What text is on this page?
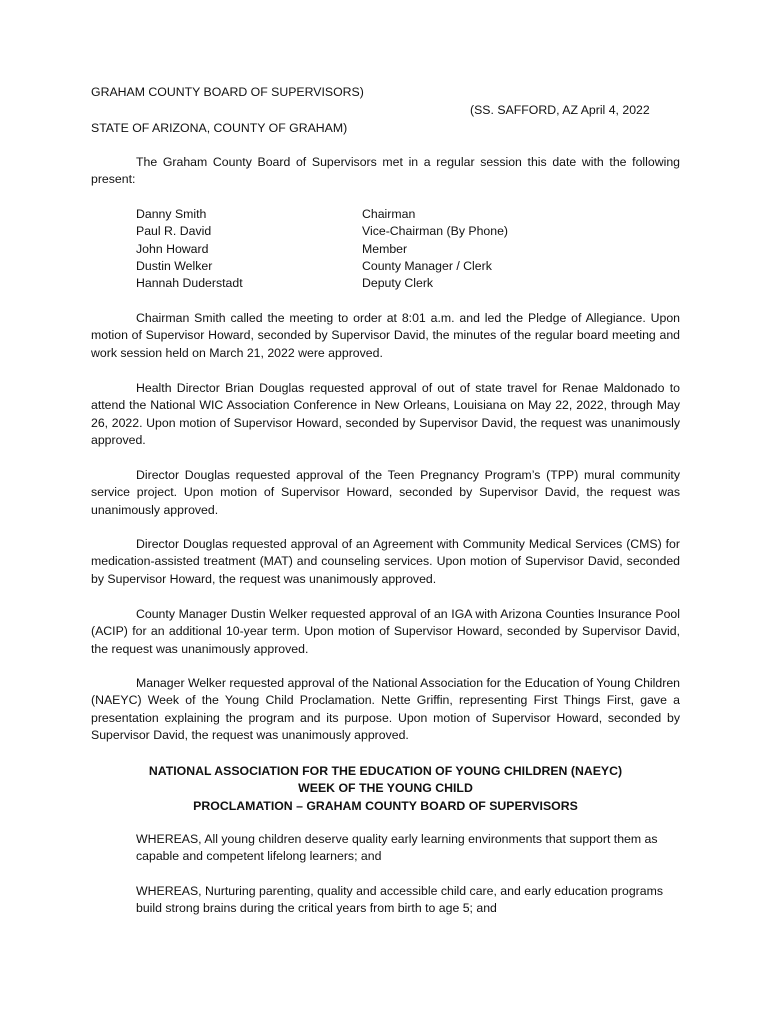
GRAHAM COUNTY BOARD OF SUPERVISORS)
(SS. SAFFORD, AZ April 4, 2022
STATE OF ARIZONA, COUNTY OF GRAHAM)
The Graham County Board of Supervisors met in a regular session this date with the following present:
Danny Smith	Chairman
Paul R. David	Vice-Chairman (By Phone)
John Howard	Member
Dustin Welker	County Manager / Clerk
Hannah Duderstadt	Deputy Clerk
Chairman Smith called the meeting to order at 8:01 a.m. and led the Pledge of Allegiance. Upon motion of Supervisor Howard, seconded by Supervisor David, the minutes of the regular board meeting and work session held on March 21, 2022 were approved.
Health Director Brian Douglas requested approval of out of state travel for Renae Maldonado to attend the National WIC Association Conference in New Orleans, Louisiana on May 22, 2022, through May 26, 2022. Upon motion of Supervisor Howard, seconded by Supervisor David, the request was unanimously approved.
Director Douglas requested approval of the Teen Pregnancy Program’s (TPP) mural community service project. Upon motion of Supervisor Howard, seconded by Supervisor David, the request was unanimously approved.
Director Douglas requested approval of an Agreement with Community Medical Services (CMS) for medication-assisted treatment (MAT) and counseling services. Upon motion of Supervisor David, seconded by Supervisor Howard, the request was unanimously approved.
County Manager Dustin Welker requested approval of an IGA with Arizona Counties Insurance Pool (ACIP) for an additional 10-year term. Upon motion of Supervisor Howard, seconded by Supervisor David, the request was unanimously approved.
Manager Welker requested approval of the National Association for the Education of Young Children (NAEYC) Week of the Young Child Proclamation. Nette Griffin, representing First Things First, gave a presentation explaining the program and its purpose. Upon motion of Supervisor Howard, seconded by Supervisor David, the request was unanimously approved.
NATIONAL ASSOCIATION FOR THE EDUCATION OF YOUNG CHILDREN (NAEYC)
WEEK OF THE YOUNG CHILD
PROCLAMATION – GRAHAM COUNTY BOARD OF SUPERVISORS
WHEREAS, All young children deserve quality early learning environments that support them as capable and competent lifelong learners; and
WHEREAS, Nurturing parenting, quality and accessible child care, and early education programs build strong brains during the critical years from birth to age 5; and
